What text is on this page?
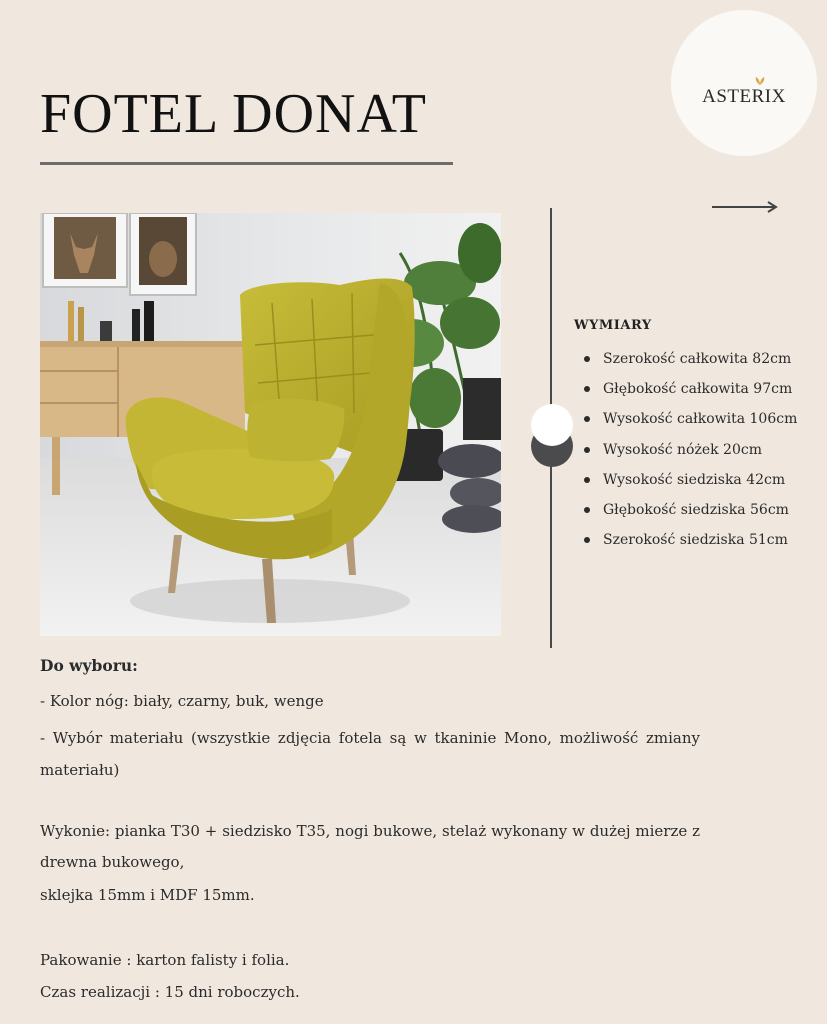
FOTEL DONAT	ASTERIX
WYMIARY
Szerokość całkowita 82cm
Głębokość całkowita 97cm
Wysokość całkowita 106cm
Wysokość nóżek 20cm
Wysokość siedziska 42cm
Głębokość siedziska 56cm
Szerokość siedziska 51cm

Do wyboru:

- Kolor nóg: biały, czarny, buk, wenge

- Wybór materiału (wszystkie zdjęcia fotela są w tkaninie Mono, możliwość zmiany materiału)

Wykonie: pianka T30 + siedzisko T35, nogi bukowe, stelaż wykonany w dużej mierze z drewna bukowego,

sklejka 15mm i MDF 15mm.

Pakowanie : karton falisty i folia.

Czas realizacji : 15 dni roboczych.
